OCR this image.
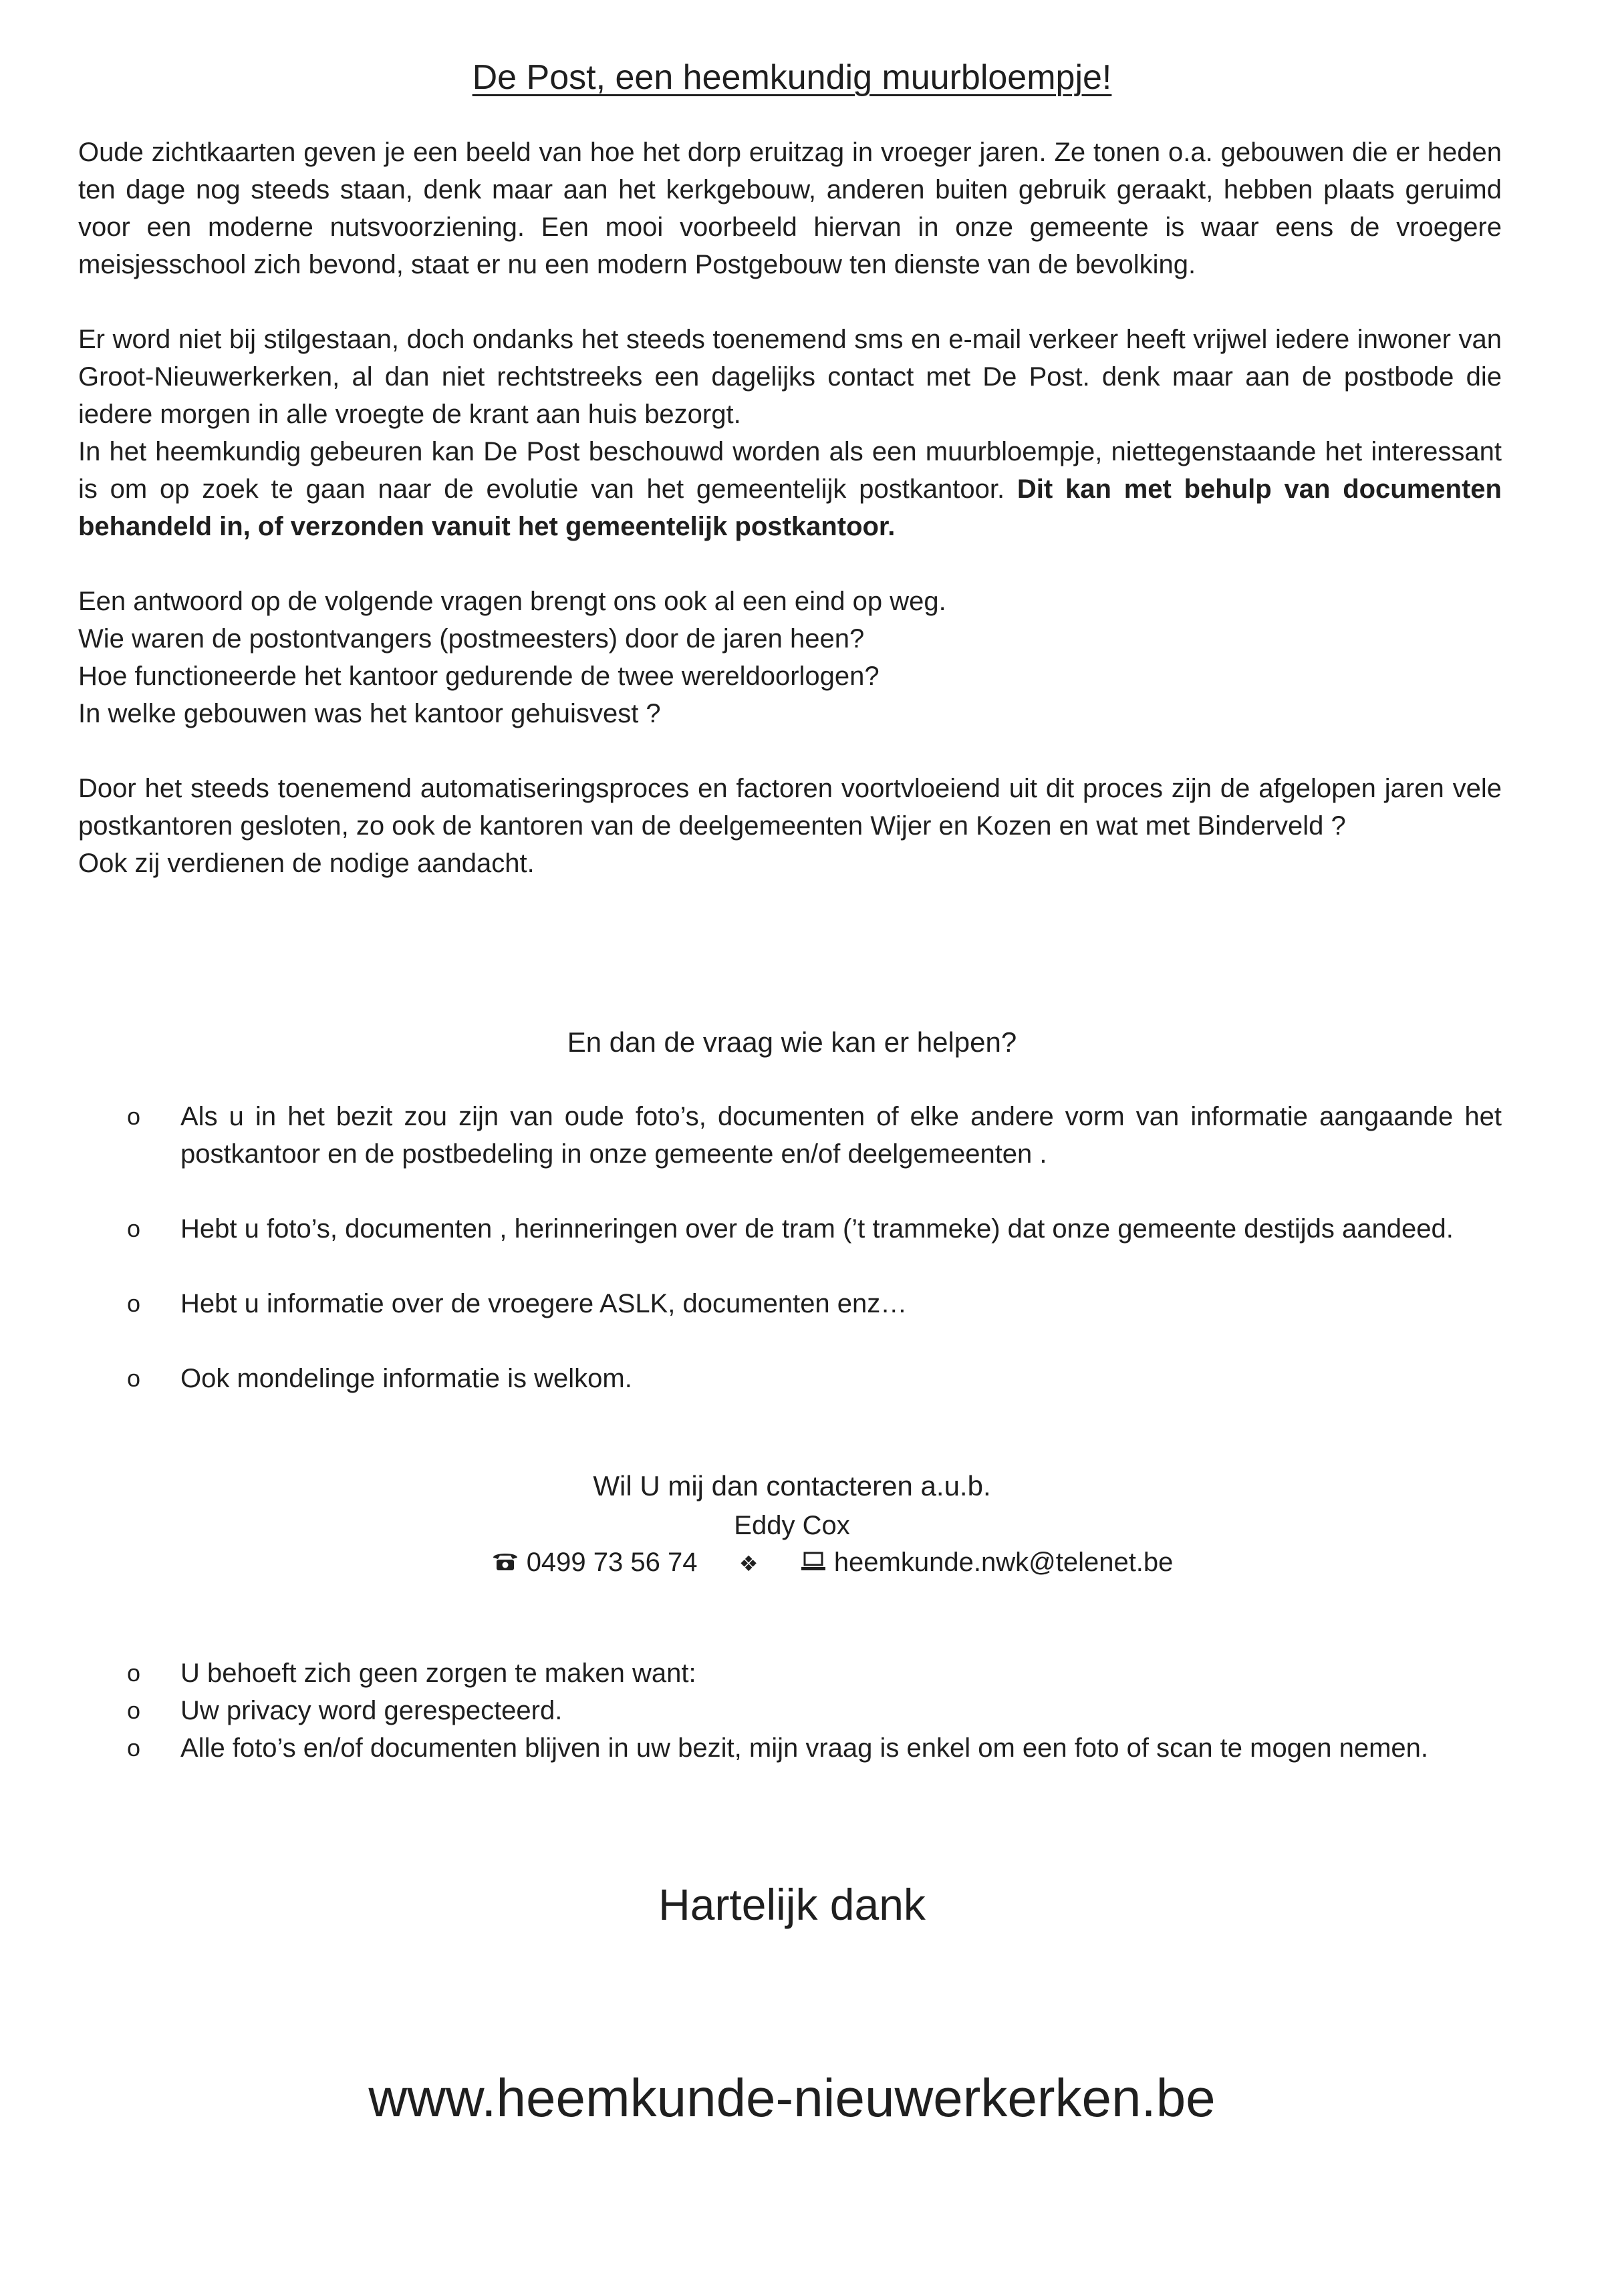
De Post, een heemkundig muurbloempje!

Oude zichtkaarten geven je een beeld van hoe het dorp eruitzag in vroeger jaren. Ze tonen o.a. gebouwen die er heden ten dage nog steeds staan, denk maar aan het kerkgebouw, anderen buiten gebruik geraakt, hebben plaats geruimd voor een moderne nutsvoorziening. Een mooi voorbeeld hiervan in onze gemeente is waar eens de vroegere meisjesschool zich bevond, staat er nu een modern Postgebouw ten dienste van de bevolking.

Er word niet bij stilgestaan, doch ondanks het steeds toenemend sms en e-mail verkeer heeft vrijwel iedere inwoner van Groot-Nieuwerkerken, al dan niet rechtstreeks een dagelijks contact met De Post. denk maar aan de postbode die iedere morgen in alle vroegte de krant aan huis bezorgt.

In het heemkundig gebeuren kan De Post beschouwd worden als een muurbloempje, niettegenstaande het interessant is om op zoek te gaan naar de evolutie van het gemeentelijk postkantoor. Dit kan met behulp van documenten behandeld in, of verzonden vanuit het gemeentelijk postkantoor.

Een antwoord op de volgende vragen brengt ons ook al een eind op weg.

Wie waren de postontvangers (postmeesters) door de jaren heen?

Hoe functioneerde het kantoor gedurende de twee wereldoorlogen?

In welke gebouwen was het kantoor gehuisvest ?

Door het steeds toenemend automatiseringsproces en factoren voortvloeiend uit dit proces zijn de afgelopen jaren vele postkantoren gesloten, zo ook de kantoren van de deelgemeenten Wijer en Kozen en wat met Binderveld ?

Ook zij verdienen de nodige aandacht.

En dan de vraag wie kan er helpen?
o Als u in het bezit zou zijn van oude foto’s, documenten of elke andere vorm van informatie aangaande het postkantoor en de postbedeling in onze gemeente en/of deelgemeenten .
o Hebt u foto’s, documenten , herinneringen over de tram (’t trammeke) dat onze gemeente destijds aandeed.
o Hebt u informatie over de vroegere ASLK, documenten enz…
o Ook mondelinge informatie is welkom.
Wil U mij dan contacteren a.u.b.
Eddy Cox
0499 73 56 74 ❖	heemkunde.nwk@telenet.be
o U behoeft zich geen zorgen te maken want:
o Uw privacy word gerespecteerd.
o Alle foto’s en/of documenten blijven in uw bezit, mijn vraag is enkel om een foto of scan te mogen nemen.
Hartelijk dank
www.heemkunde-nieuwerkerken.be
